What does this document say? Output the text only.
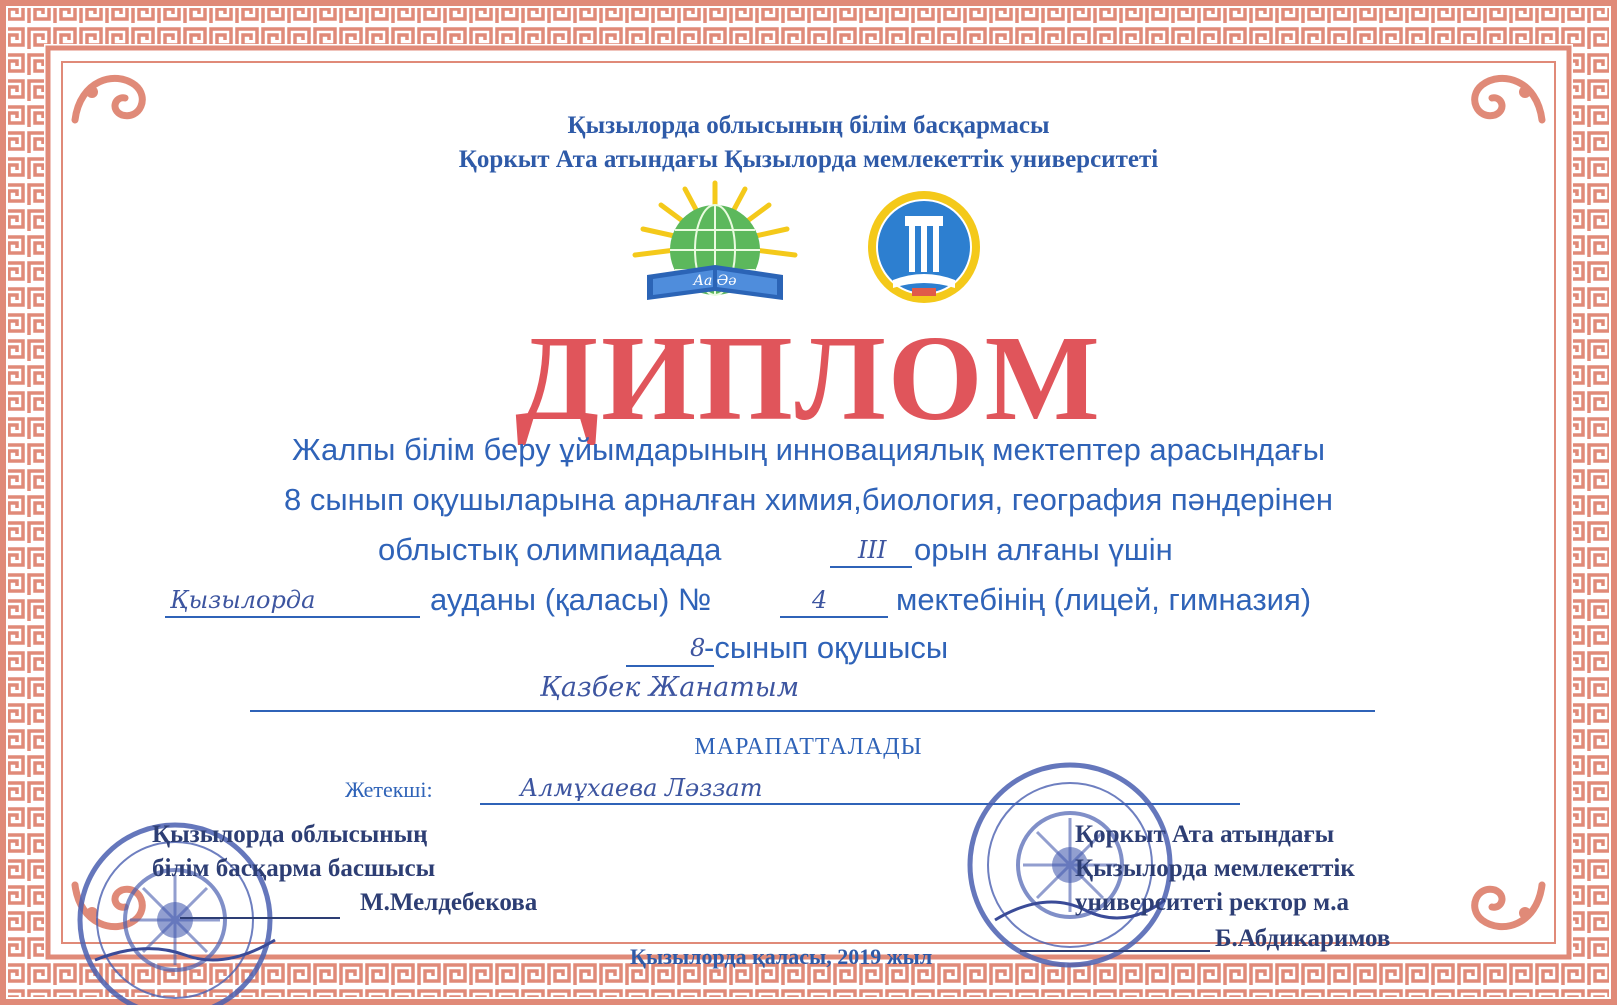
Қызылорда облысының білім басқармасы
Қоркыт Ата атындағы Қызылорда мемлекеттік университеті
Аа Әә
ДИПЛОМ
Жалпы білім беру ұйымдарының инновациялық мектептер арасындағы
8 сынып оқушыларына арналған химия,биология, география пәндерінен
облыстық олимпиадада	III орын алғаны үшін
Қызылорда	ауданы (қаласы) №	4 мектебінің (лицей, гимназия)
8
-сынып оқушысы
Қазбек Жанатым
МАРАПАТТАЛАДЫ
Жетекші:	Алмұхаева Ләззат
Қызылорда облысының
білім басқарма басшысы
М.Мелдебекова
Қоркыт Ата атындағы
Қызылорда мемлекеттік
университеті ректор м.а
Б.Абдикаримов
Қызылорда қаласы, 2019 жыл
